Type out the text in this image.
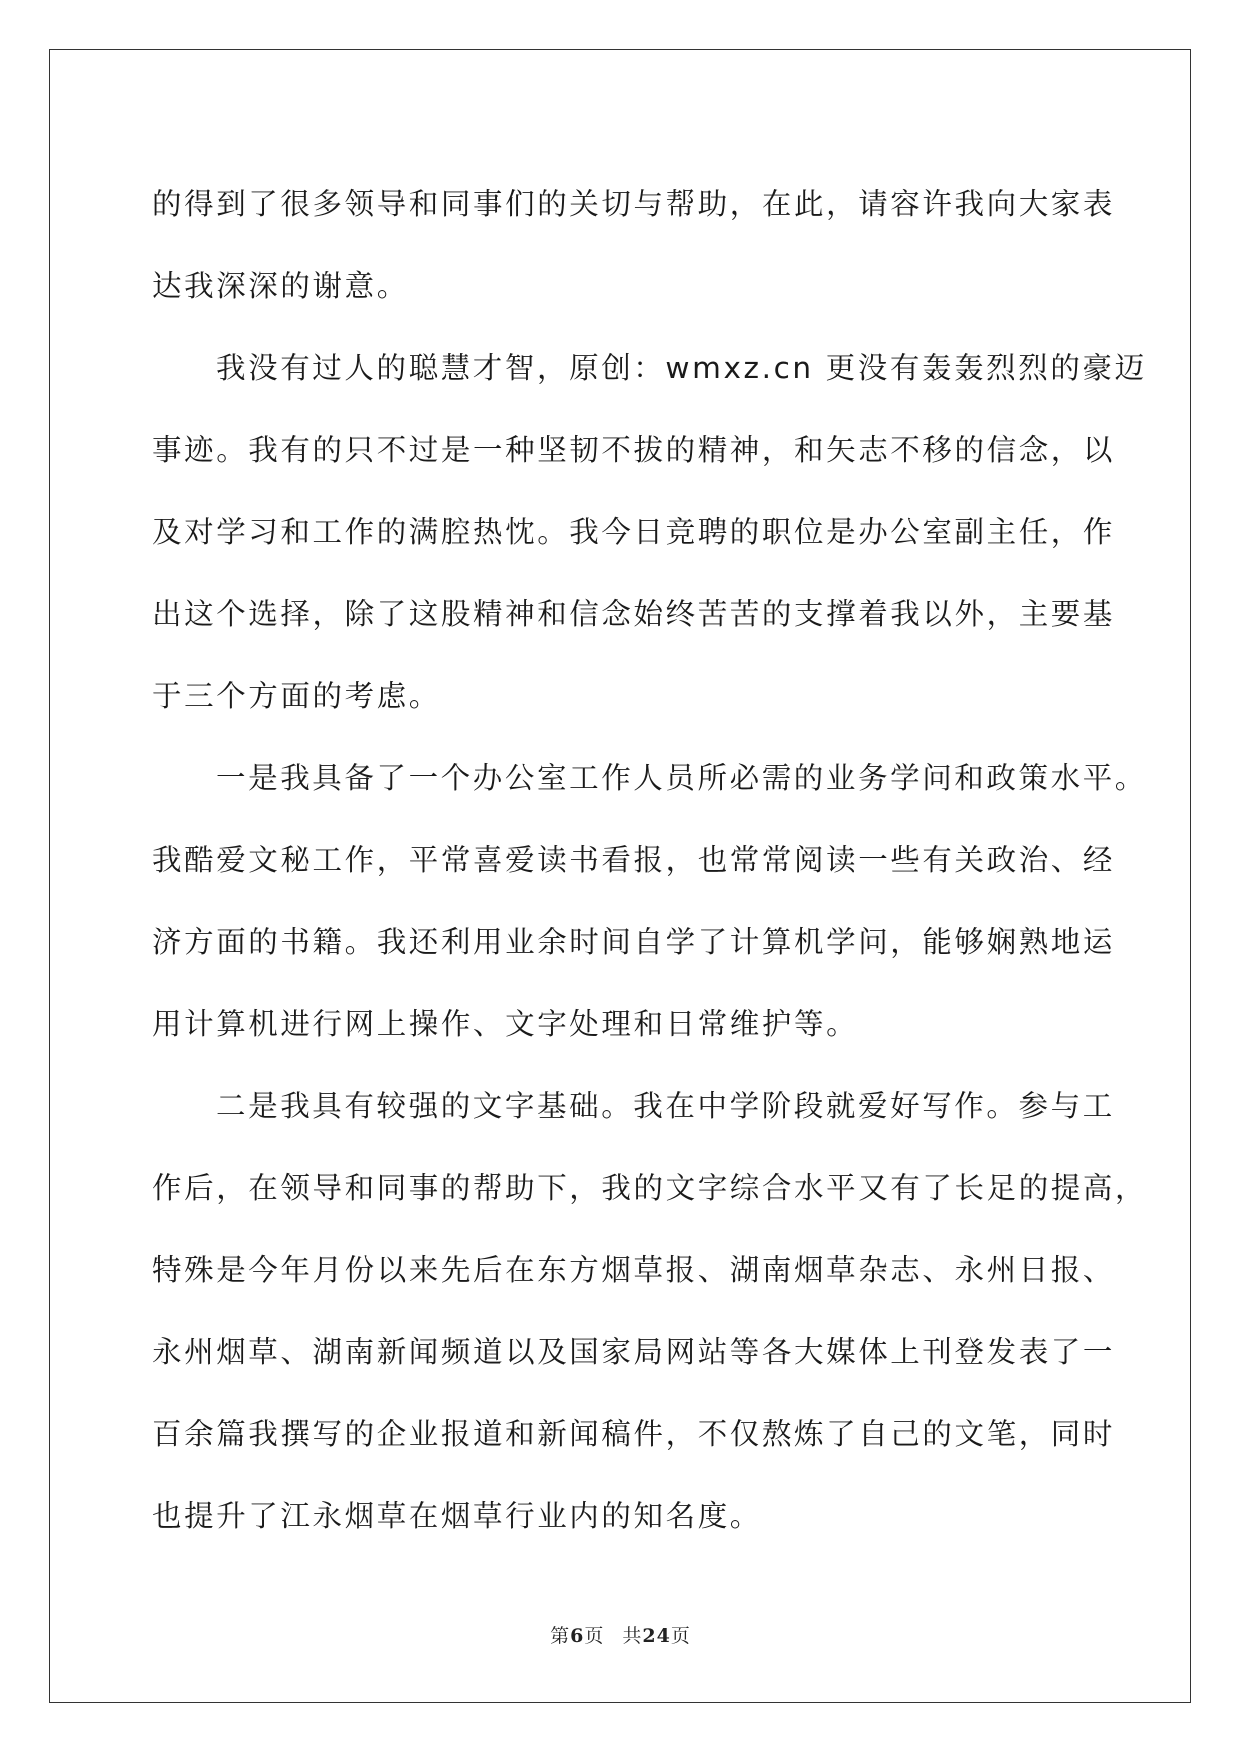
的得到了很多领导和同事们的关切与帮助，在此，请容许我向大家表
达我深深的谢意。
我没有过人的聪慧才智，原创：wmxz.cn 更没有轰轰烈烈的豪迈
事迹。我有的只不过是一种坚韧不拔的精神，和矢志不移的信念，以
及对学习和工作的满腔热忱。我今日竞聘的职位是办公室副主任，作
出这个选择，除了这股精神和信念始终苦苦的支撑着我以外，主要基
于三个方面的考虑。
一是我具备了一个办公室工作人员所必需的业务学问和政策水平。
我酷爱文秘工作，平常喜爱读书看报，也常常阅读一些有关政治、经
济方面的书籍。我还利用业余时间自学了计算机学问，能够娴熟地运
用计算机进行网上操作、文字处理和日常维护等。
二是我具有较强的文字基础。我在中学阶段就爱好写作。参与工
作后，在领导和同事的帮助下，我的文字综合水平又有了长足的提高，
特殊是今年月份以来先后在东方烟草报、湖南烟草杂志、永州日报、
永州烟草、湖南新闻频道以及国家局网站等各大媒体上刊登发表了一
百余篇我撰写的企业报道和新闻稿件，不仅熬炼了自己的文笔，同时
也提升了江永烟草在烟草行业内的知名度。
第6页 共24页
